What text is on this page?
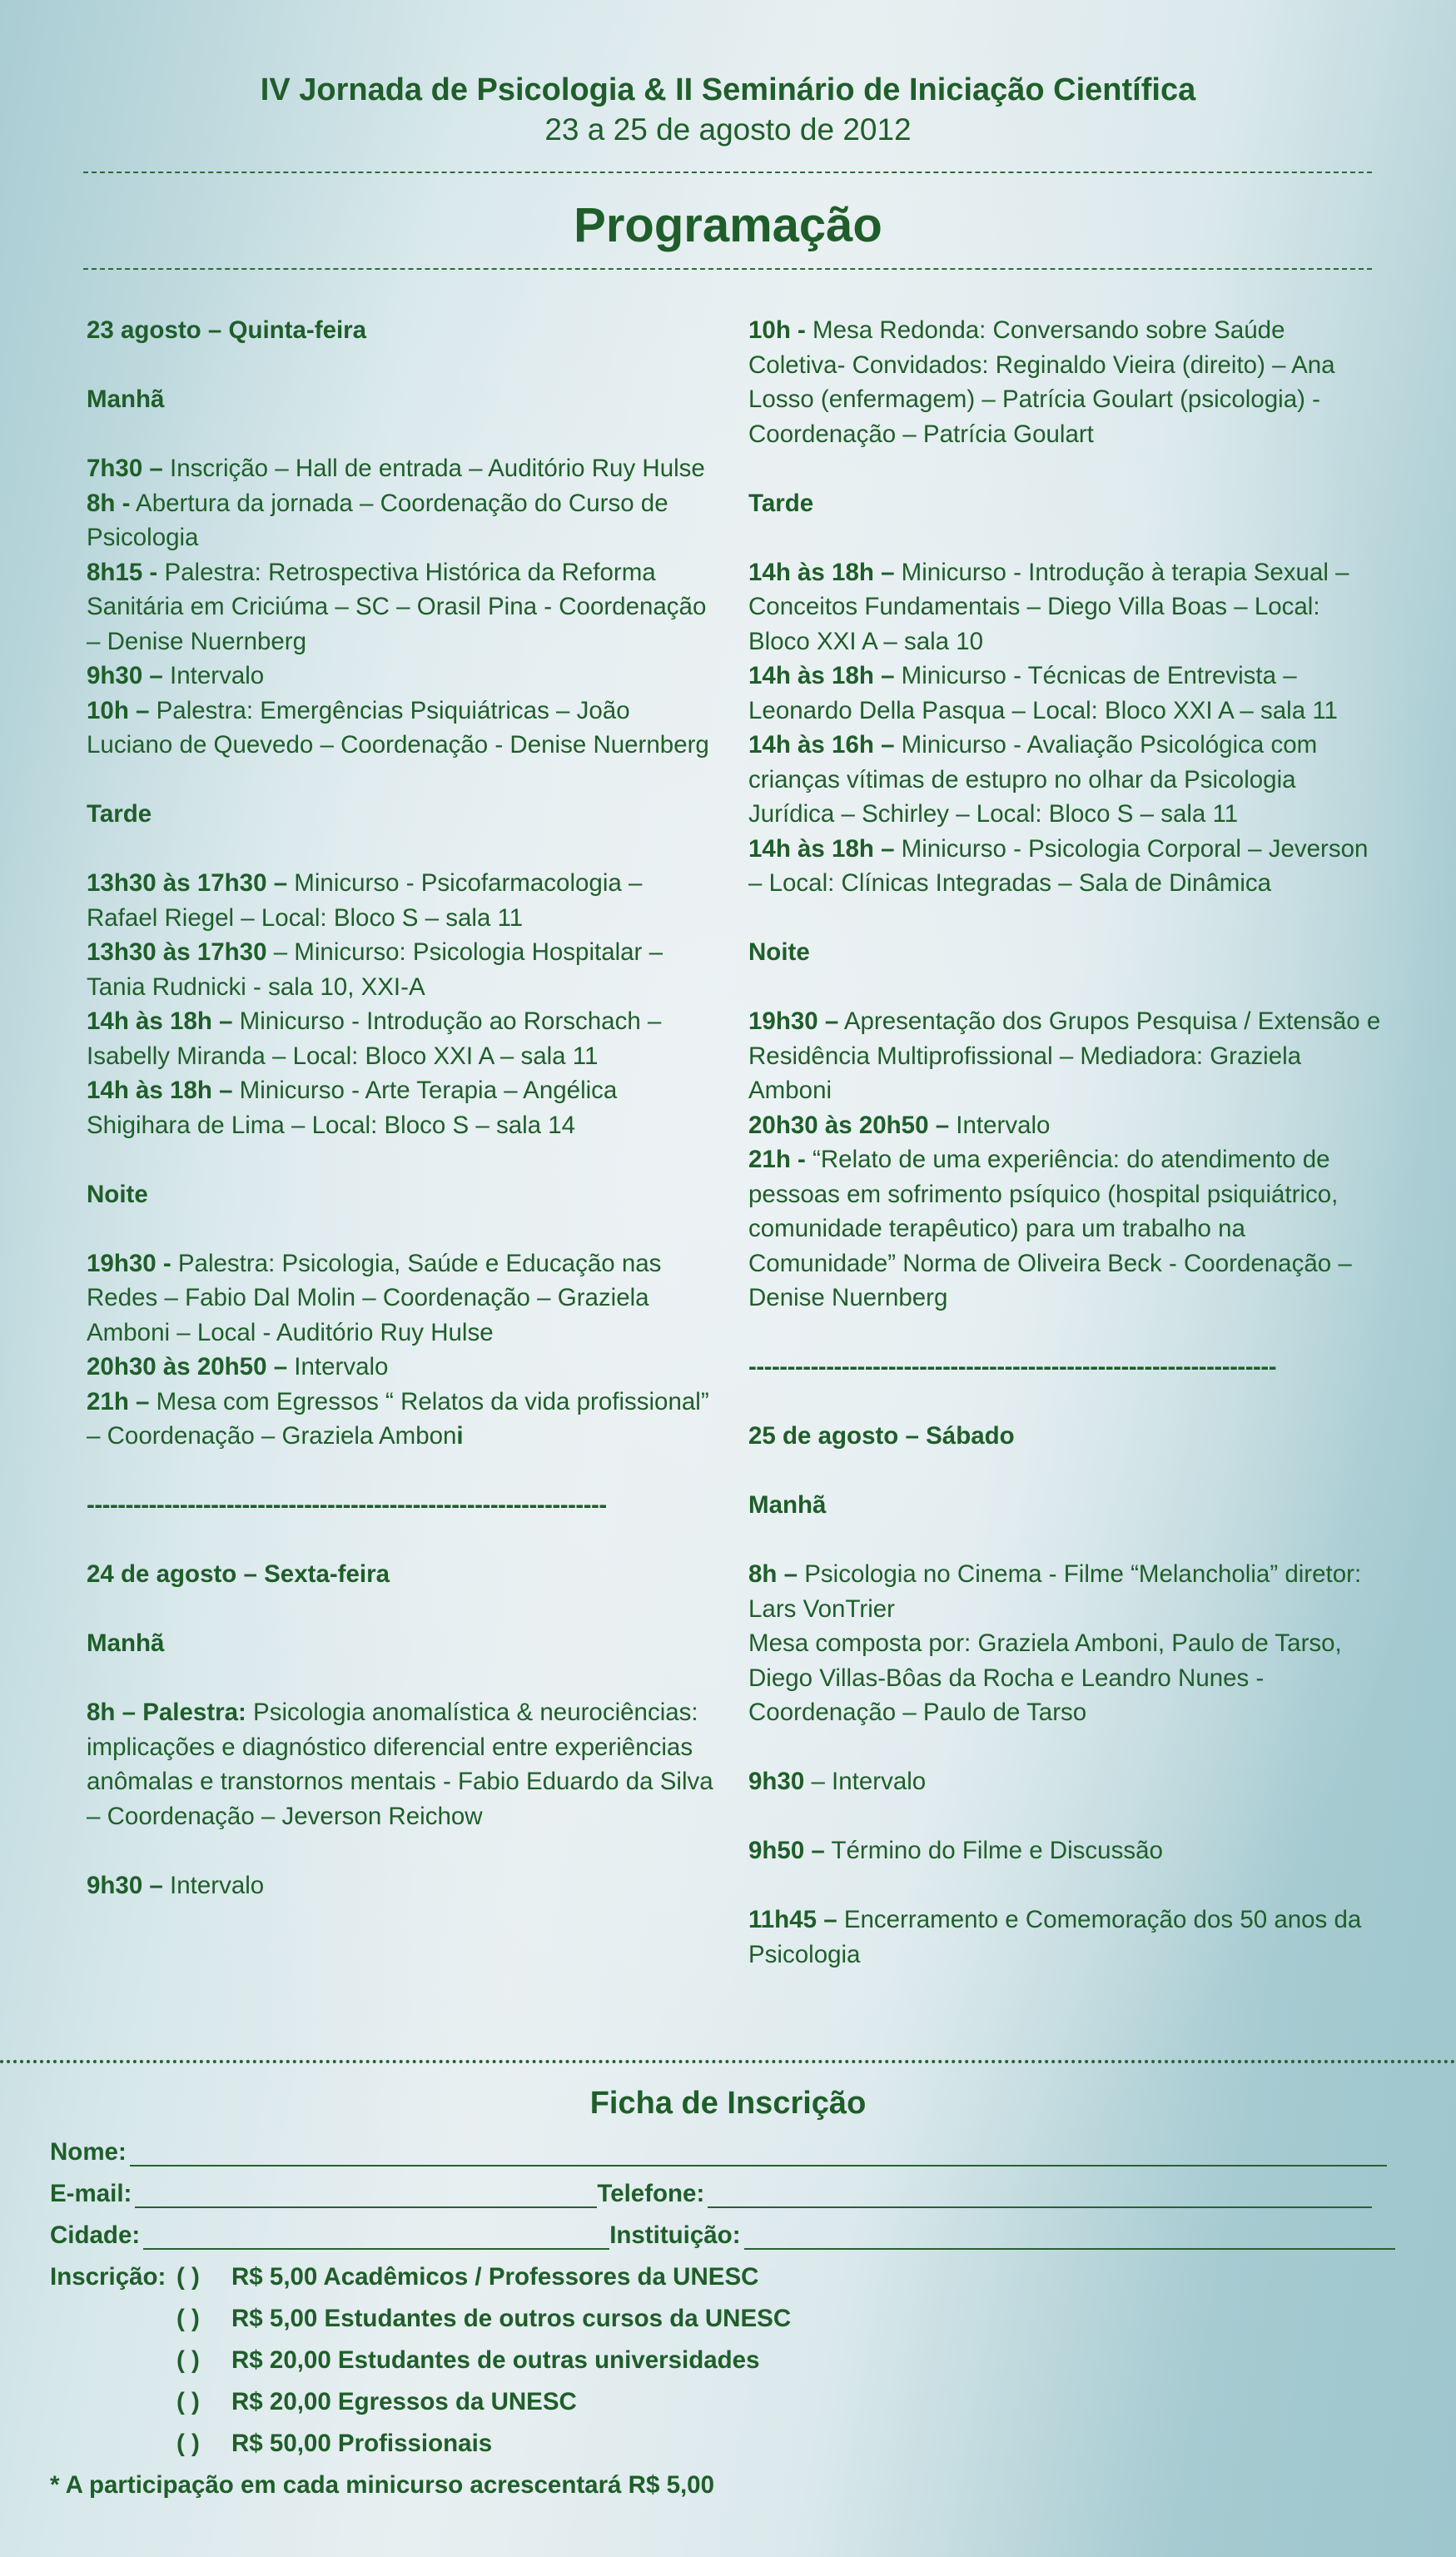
IV Jornada de Psicologia & II Seminário de Iniciação Científica
23 a 25 de agosto de 2012
Programação

23 agosto – Quinta-feira

Manhã

7h30 – Inscrição – Hall de entrada – Auditório Ruy Hulse

8h - Abertura da jornada – Coordenação do Curso de Psicologia

8h15 - Palestra: Retrospectiva Histórica da Reforma Sanitária em Criciúma – SC – Orasil Pina - Coordenação – Denise Nuernberg

9h30 – Intervalo

10h – Palestra: Emergências Psiquiátricas – João Luciano de Quevedo – Coordenação - Denise Nuernberg

Tarde

13h30 às 17h30 – Minicurso - Psicofarmacologia – Rafael Riegel – Local: Bloco S – sala 11

13h30 às 17h30 – Minicurso: Psicologia Hospitalar – Tania Rudnicki - sala 10, XXI-A

14h às 18h – Minicurso - Introdução ao Rorschach – Isabelly Miranda – Local: Bloco XXI A – sala 11

14h às 18h – Minicurso - Arte Terapia – Angélica Shigihara de Lima – Local: Bloco S – sala 14

Noite

19h30 - Palestra: Psicologia, Saúde e Educação nas Redes – Fabio Dal Molin – Coordenação – Graziela Amboni – Local - Auditório Ruy Hulse

20h30 às 20h50 – Intervalo

21h – Mesa com Egressos “ Relatos da vida profissional” – Coordenação – Graziela Amboni

-------------------------------------------------------------------

24 de agosto – Sexta-feira

Manhã

8h – Palestra: Psicologia anomalística & neurociências: implicações e diagnóstico diferencial entre experiências anômalas e transtornos mentais - Fabio Eduardo da Silva – Coordenação – Jeverson Reichow

9h30 – Intervalo

10h - Mesa Redonda: Conversando sobre Saúde Coletiva- Convidados: Reginaldo Vieira (direito) – Ana Losso (enfermagem) – Patrícia Goulart (psicologia) - Coordenação – Patrícia Goulart

Tarde

14h às 18h – Minicurso - Introdução à terapia Sexual – Conceitos Fundamentais – Diego Villa Boas – Local: Bloco XXI A – sala 10

14h às 18h – Minicurso - Técnicas de Entrevista – Leonardo Della Pasqua – Local: Bloco XXI A – sala 11

14h às 16h – Minicurso - Avaliação Psicológica com crianças vítimas de estupro no olhar da Psicologia Jurídica – Schirley – Local: Bloco S – sala 11

14h às 18h – Minicurso - Psicologia Corporal – Jeverson – Local: Clínicas Integradas – Sala de Dinâmica

Noite

19h30 – Apresentação dos Grupos Pesquisa / Extensão e Residência Multiprofissional – Mediadora: Graziela Amboni

20h30 às 20h50 – Intervalo

21h - “Relato de uma experiência: do atendimento de pessoas em sofrimento psíquico (hospital psiquiátrico, comunidade terapêutico) para um trabalho na Comunidade” Norma de Oliveira Beck - Coordenação – Denise Nuernberg

--------------------------------------------------------------------

25 de agosto – Sábado

Manhã

8h – Psicologia no Cinema - Filme “Melancholia” diretor: Lars VonTrier

Mesa composta por: Graziela Amboni, Paulo de Tarso, Diego Villas-Bôas da Rocha e Leandro Nunes - Coordenação – Paulo de Tarso

9h30 – Intervalo

9h50 – Término do Filme e Discussão

11h45 – Encerramento e Comemoração dos 50 anos da Psicologia

Ficha de Inscrição
Nome:
E-mail:	Telefone:
Cidade:	Instituição:
Inscrição: ( )	R$ 5,00 Acadêmicos / Professores da UNESC
( )	R$ 5,00 Estudantes de outros cursos da UNESC
( )	R$ 20,00 Estudantes de outras universidades
( )	R$ 20,00 Egressos da UNESC
( )	R$ 50,00 Profissionais
* A participação em cada minicurso acrescentará R$ 5,00
